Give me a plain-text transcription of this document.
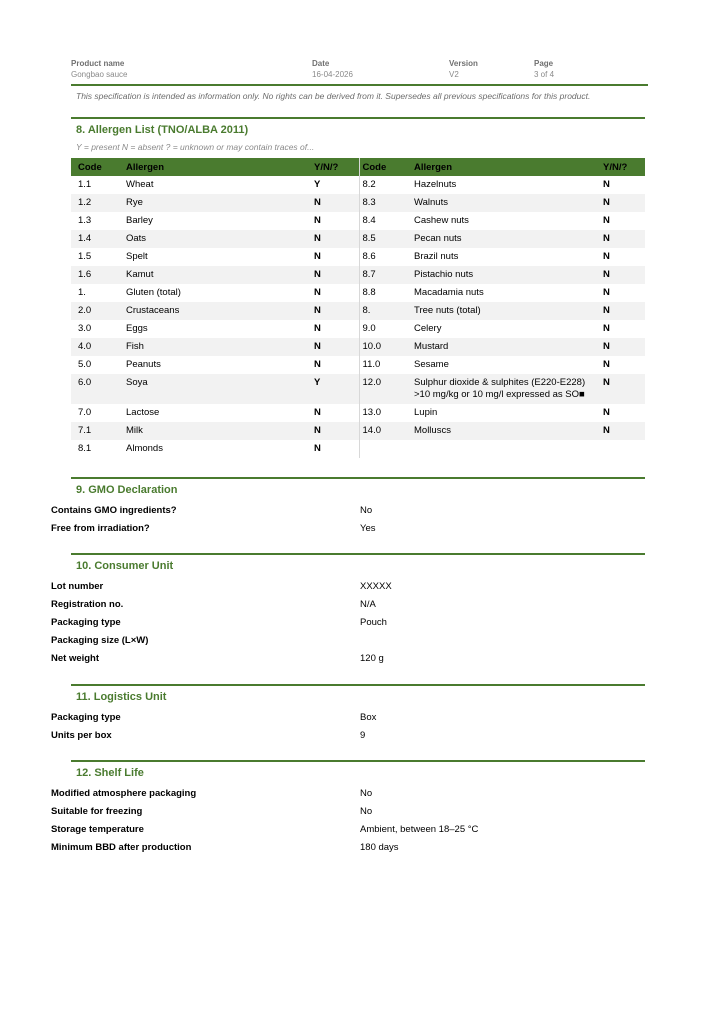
Product name
Gongbao sauce
Date
16-04-2026
Version
V2
Page
3 of 4
This specification is intended as information only. No rights can be derived from it. Supersedes all previous specifications for this product.
8. Allergen List (TNO/ALBA 2011)
Y = present N = absent ? = unknown or may contain traces of...
Code	Allergen	Y/N/?	Code	Allergen	Y/N/?
1.1	Wheat	Y	8.2	Hazelnuts	N
1.2	Rye	N	8.3	Walnuts	N
1.3	Barley	N	8.4	Cashew nuts	N
1.4	Oats	N	8.5	Pecan nuts	N
1.5	Spelt	N	8.6	Brazil nuts	N
1.6	Kamut	N	8.7	Pistachio nuts	N
1.	Gluten (total)	N	8.8	Macadamia nuts	N
2.0	Crustaceans	N	8.	Tree nuts (total)	N
3.0	Eggs	N	9.0	Celery	N
4.0	Fish	N	10.0	Mustard	N
5.0	Peanuts	N	11.0	Sesame	N
6.0	Soya	Y	12.0	Sulphur dioxide & sulphites (E220-E228) >10 mg/kg or 10 mg/l expressed as SO■	N
7.0	Lactose	N	13.0	Lupin	N
7.1	Milk	N	14.0	Molluscs	N
8.1	Almonds	N			
9. GMO Declaration
Contains GMO ingredients?	No
Free from irradiation?	Yes
10. Consumer Unit
Lot number	XXXXX
Registration no.	N/A
Packaging type	Pouch
Packaging size (L×W)
Net weight	120 g
11. Logistics Unit
Packaging type	Box
Units per box	9
12. Shelf Life
Modified atmosphere packaging	No
Suitable for freezing	No
Storage temperature	Ambient, between 18–25 °C
Minimum BBD after production	180 days
